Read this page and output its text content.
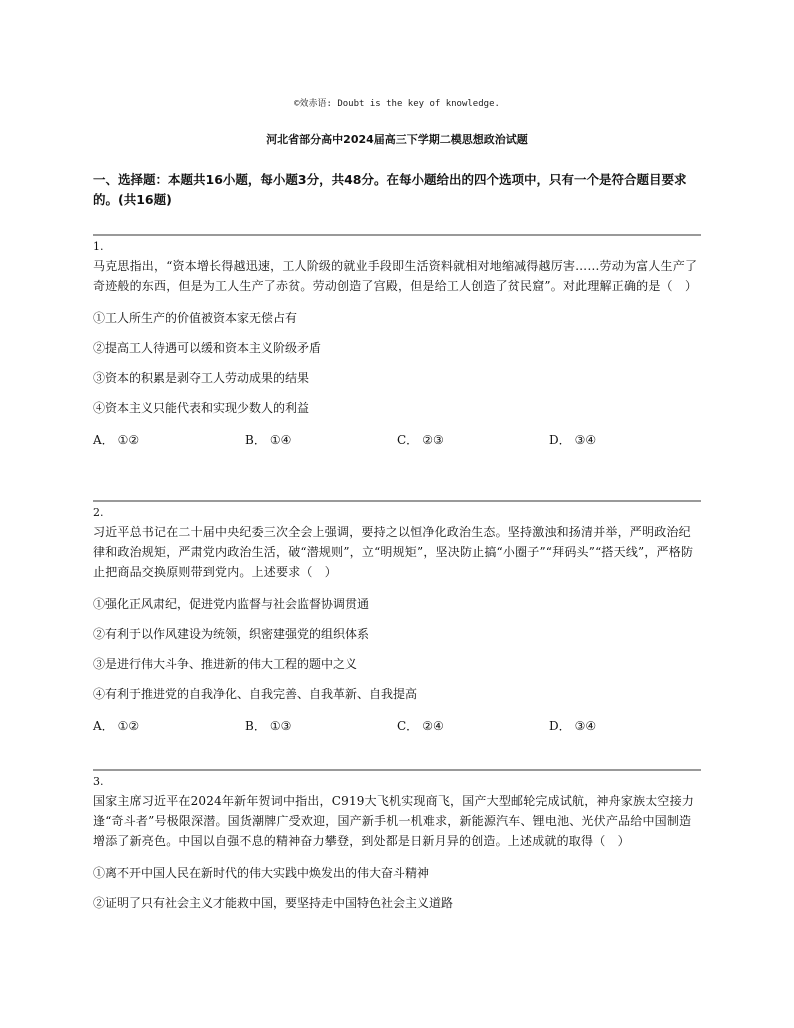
©效赤语: Doubt is the key of knowledge.
河北省部分高中2024届高三下学期二模思想政治试题
一、选择题：本题共16小题，每小题3分，共48分。在每小题给出的四个选项中，只有一个是符合题目要求的。(共16题)
1.
马克思指出，“资本增长得越迅速，工人阶级的就业手段即生活资料就相对地缩减得越厉害……劳动为富人生产了奇迹般的东西，但是为工人生产了赤贫。劳动创造了宫殿，但是给工人创造了贫民窟”。对此理解正确的是（　）
①工人所生产的价值被资本家无偿占有
②提高工人待遇可以缓和资本主义阶级矛盾
③资本的积累是剥夺工人劳动成果的结果
④资本主义只能代表和实现少数人的利益
A． ①②	B． ①④	C． ②③	D． ③④
2.
习近平总书记在二十届中央纪委三次全会上强调，要持之以恒净化政治生态。坚持激浊和扬清并举，严明政治纪律和政治规矩，严肃党内政治生活，破“潜规则”，立“明规矩”，坚决防止搞“小圈子”“拜码头”“搭天线”，严格防止把商品交换原则带到党内。上述要求（　）
①强化正风肃纪，促进党内监督与社会监督协调贯通
②有利于以作风建设为统领，织密建强党的组织体系
③是进行伟大斗争、推进新的伟大工程的题中之义
④有利于推进党的自我净化、自我完善、自我革新、自我提高
A． ①②	B． ①③	C． ②④	D． ③④
3.
国家主席习近平在2024年新年贺词中指出，C919大飞机实现商飞，国产大型邮轮完成试航，神舟家族太空接力逢“奇斗者”号极限深潜。国货潮牌广受欢迎，国产新手机一机难求，新能源汽车、锂电池、光伏产品给中国制造增添了新亮色。中国以自强不息的精神奋力攀登，到处都是日新月异的创造。上述成就的取得（　）
①离不开中国人民在新时代的伟大实践中焕发出的伟大奋斗精神
②证明了只有社会主义才能救中国，要坚持走中国特色社会主义道路
